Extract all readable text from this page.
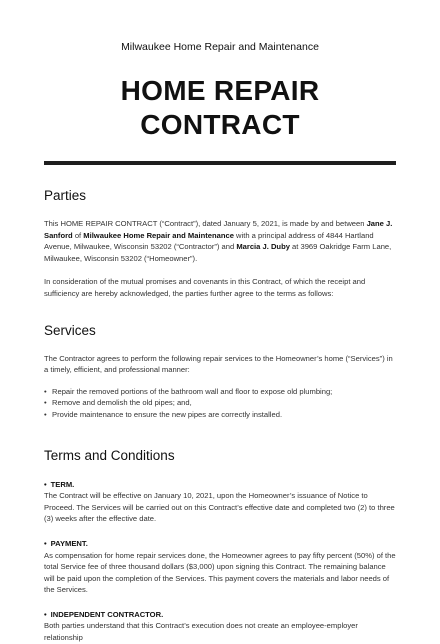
Milwaukee Home Repair and Maintenance
HOME REPAIR CONTRACT
Parties

This HOME REPAIR CONTRACT (“Contract”), dated January 5, 2021, is made by and between Jane J. Sanford of Milwaukee Home Repair and Maintenance with a principal address of 4844 Hartland Avenue, Milwaukee, Wisconsin 53202 (“Contractor”) and Marcia J. Duby at 3969 Oakridge Farm Lane, Milwaukee, Wisconsin 53202 (“Homeowner”).

In consideration of the mutual promises and covenants in this Contract, of which the receipt and sufficiency are hereby acknowledged, the parties further agree to the terms as follows:

Services

The Contractor agrees to perform the following repair services to the Homeowner’s home (“Services”) in a timely, efficient, and professional manner:

• Repair the removed portions of the bathroom wall and floor to expose old plumbing;
• Remove and demolish the old pipes; and,
• Provide maintenance to ensure the new pipes are correctly installed.
Terms and Conditions
• TERM.

The Contract will be effective on January 10, 2021, upon the Homeowner’s issuance of Notice to Proceed. The Services will be carried out on this Contract’s effective date and completed two (2) to three (3) weeks after the effective date.

• PAYMENT.

As compensation for home repair services done, the Homeowner agrees to pay fifty percent (50%) of the total Service fee of three thousand dollars ($3,000) upon signing this Contract. The remaining balance will be paid upon the completion of the Services. This payment covers the materials and labor needs of the Services.

• INDEPENDENT CONTRACTOR.

Both parties understand that this Contract’s execution does not create an employee-employer relationship
